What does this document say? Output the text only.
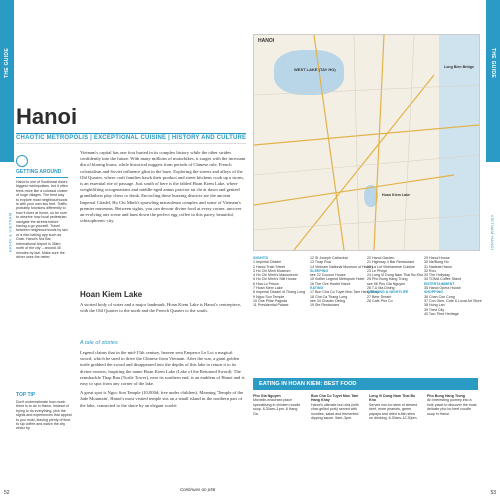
THE GUIDE	THE GUIDE
HANOI & VIETNAM	VIETNAM HANOI
Hanoi
CHAOTIC METROPOLIS | EXCEPTIONAL CUISINE | HISTORY AND CULTURE
GETTING AROUND

Hanoi is one of Southeast Asia's biggest metropolises, but it often feels more like a colossal cluster of huge villages. The best way to explore most neighbourhoods is with your own two feet. Traffic probably functions differently to how it does at home, so be sure to observe how local pedestrian navigate the streets before having a go yourself. Travel between neighbourhoods by taxi or a ride-hailing app such as Grab. Hanoi's Noi Bai International Airport is 35km north of the city – around 45 minutes by taxi. Make sure the driver uses the meter.

TOP TIP

Don't underestimate how much there is to do in Hanoi. Instead of trying to do everything, pick the sights and experiences that appeal to you most, leaving plenty of time to sip coffee and watch the city whizz by.

Vietnam's capital has one foot buried in its complex history while the other strides confidently into the future. With many millions of motorbikes, it surges with the incessant din of blaring horns, while historical nuggets from periods of Chinese rule, French colonialism and Soviet influence glint in the haze. Exploring the streets and alleys of the Old Quarter, where craft families hawk their product and street kitchens cook up a storm, is an essential rite of passage. Just south of here is the fabled Hoan Kiem Lake, where weightlifting octogenarians and middle-aged annus practise tai chi at dawn and genteel grandfathers play chess or drink. Encircling these buzzing districts are the ancient Imperial Citadel, Ho Chi Minh's sprawling mausoleum complex and some of Vietnam's premier museums. Between sights, you can devour divine food at every corner, uncover an evolving arts scene and hunt down the perfect egg coffee in this pacey, beautiful, schizophrenic city.

Hoan Kiem Lake

A storied body of water and a major landmark, Hoan Kiem Lake is Hanoi's centrepiece, with the Old Quarter to the north and the French Quarter to the south.

A tale of stories

Legend claims that in the mid-15th century, heaven sent Emperor Le Loi a magical sword, which he used to drive the Chinese from Vietnam. After the war, a giant golden turtle grabbed the sword and disappeared into the depths of this lake to return it to its divine owners, inspiring the name Hoan Kiem Lake (Lake of the Returned Sword). The ramshackle Thap Rua (Turtle Tower), near its southern end, is an emblem of Hanoi and is easy to spot from any corner of the lake.

A great spot is Ngoc Son Temple (10,000d; free under children). Meaning 'Temple of the Jade Mountain', Hanoi's most visited temple sits on a small island in the northern part of the lake, connected to the shore by an elegant scarlet

Continues on p56
HANOI
WEST LAKE (TAY HO)
Hoan Kiem Lake
Long Bien Bridge
SIGHTS
1 Imperial Citadel
2 Hanoi Train Street
3 Ho Chi Minh Museum
4 Ho Chi Minh's Mausoleum
5 Ho Chi Minh's Stilt House
6 Hoa Lo Prison
7 Hoan Kiem Lake
8 Imperial Citadel of Thang Long
9 Ngoc Son Temple
10 One Pillar Pagoda
11 Presidential Palace
12 St Joseph Cathedral
13 Thap Rua
14 Vietnam National Museum of History
SLEEPING
see 22 Cocoon House
15 Sofitel Legend Metropole Hotel
16 The Ove Hostel Hanoi
EATING
17 Bun Cha Co Tuyet Mon Tam Hang Khay
18 Cha Ca Thang Long
see 34 Chaotic Dining
19 Ste Restaurant
20 Hanoi Garden
21 Highway 4 Bar Restaurant
22 La Lot Vietnamese Cuisine
23 Le Phoye
24 Long Vi Dung Nam Thai Bo Kho
25 Pho Bung Hang Trong
see 56 Pho Gia Nguyen
26 T.U Ma Dining
DRINKING & NIGHTLIFE
27 Beer Dream
28 Cafe Pho Co
29 Hanoi House
30 Ne/Bong Ho
31 Nadeas Hanoi
32 Rou
33 The Hollyday
34 TOMA Coffee Stand
ENTERTAINMENT
35 Hanoi Opera House
SHOPPING
36 Chan Con Cong
37 Con Gien, Cafe & Local Art Store
38 Hong Lan
39 Tired City
40 Two Tiled Heritage
EATING IN HOAN KIEM: BEST FOOD
Pho Gia Nguyen
Michelin-endorsed place specialising in chicken noodle soup. 6.30am–1pm. 8 Hang Ga.
Bun Cha Co Tuyet Mon Tam Hang Khay
Hanoi's ultimate bun cha (with char-grilled pork) served with noodles, salad and fermented dipping sauce. 9am–3pm.
Long Vi Dung Nam Thai Bo Kho
Serves non-bo stew of stewed beef, more peanuts, green papaya and dried a-fish stew on drinking. 6.30am–12.30pm.
Pho Bung Hang Trong
An interesting journey into a hole place to discover the most delicate pho bo beef noodle soup in Hanoi.
52	53
